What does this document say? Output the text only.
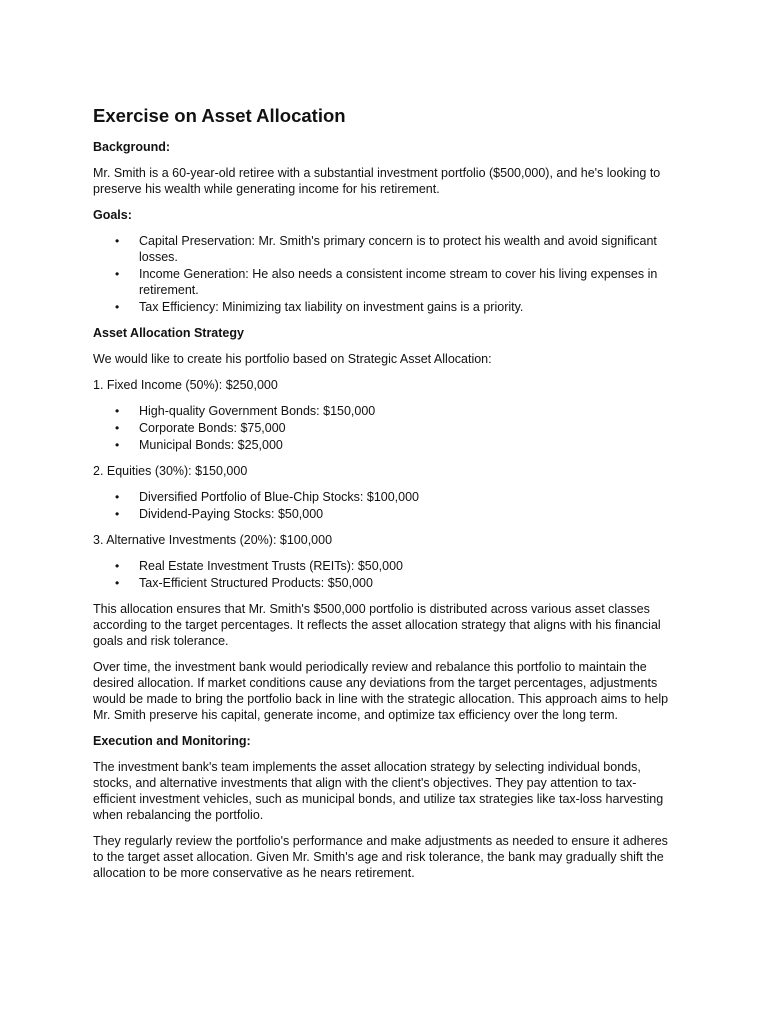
Exercise on Asset Allocation
Background:

Mr. Smith is a 60-year-old retiree with a substantial investment portfolio ($500,000), and he's looking to preserve his wealth while generating income for his retirement.

Goals:
• Capital Preservation: Mr. Smith's primary concern is to protect his wealth and avoid significant losses.
• Income Generation: He also needs a consistent income stream to cover his living expenses in retirement.
• Tax Efficiency: Minimizing tax liability on investment gains is a priority.
Asset Allocation Strategy

We would like to create his portfolio based on Strategic Asset Allocation:

1. Fixed Income (50%): $250,000

• High-quality Government Bonds: $150,000
• Corporate Bonds: $75,000
• Municipal Bonds: $25,000

2. Equities (30%): $150,000

• Diversified Portfolio of Blue-Chip Stocks: $100,000
• Dividend-Paying Stocks: $50,000

3. Alternative Investments (20%): $100,000

• Real Estate Investment Trusts (REITs): $50,000
• Tax-Efficient Structured Products: $50,000

This allocation ensures that Mr. Smith's $500,000 portfolio is distributed across various asset classes according to the target percentages. It reflects the asset allocation strategy that aligns with his financial goals and risk tolerance.

Over time, the investment bank would periodically review and rebalance this portfolio to maintain the desired allocation. If market conditions cause any deviations from the target percentages, adjustments would be made to bring the portfolio back in line with the strategic allocation. This approach aims to help Mr. Smith preserve his capital, generate income, and optimize tax efficiency over the long term.

Execution and Monitoring:

The investment bank's team implements the asset allocation strategy by selecting individual bonds, stocks, and alternative investments that align with the client's objectives. They pay attention to tax-efficient investment vehicles, such as municipal bonds, and utilize tax strategies like tax-loss harvesting when rebalancing the portfolio.

They regularly review the portfolio's performance and make adjustments as needed to ensure it adheres to the target asset allocation. Given Mr. Smith's age and risk tolerance, the bank may gradually shift the allocation to be more conservative as he nears retirement.
